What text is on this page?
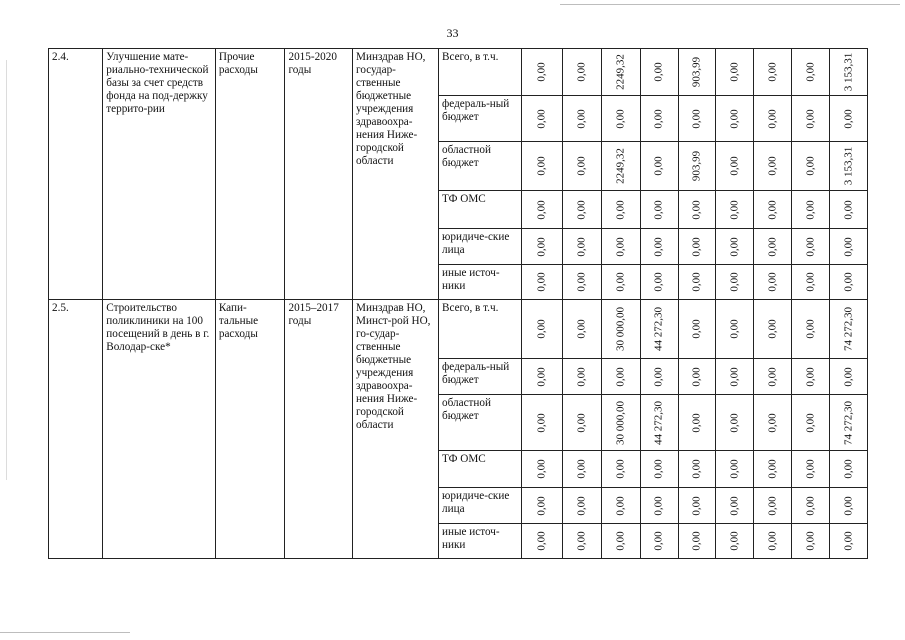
33
2.4.	Улучшение мате-риально-технической базы за счет средств фонда на под-держку террито-рии	Прочие расходы	2015-2020 годы	Минздрав НО, государ-ственные бюджетные учреждения здравоохра-нения Ниже-городской области	Всего, в т.ч.	0,00	0,00	2249,32	0,00	903,99	0,00	0,00	0,00	3 153,31

					федераль-ный бюджет	0,00	0,00	0,00	0,00	0,00	0,00	0,00	0,00	0,00

					областной бюджет	0,00	0,00	2249,32	0,00	903,99	0,00	0,00	0,00	3 153,31

					ТФ ОМС	0,00	0,00	0,00	0,00	0,00	0,00	0,00	0,00	0,00

					юридиче-ские лица	0,00	0,00	0,00	0,00	0,00	0,00	0,00	0,00	0,00

					иные источ-ники	0,00	0,00	0,00	0,00	0,00	0,00	0,00	0,00	0,00

2.5.	Строительство поликлиники на 100 посещений в день в г. Володар-ске*	Капи-тальные расходы	2015–2017 годы	Минздрав НО, Минст-рой НО, го-судар-ственные бюджетные учреждения здравоохра-нения Ниже-городской области	Всего, в т.ч.	0,00	0,00	30 000,00	44 272,30	0,00	0,00	0,00	0,00	74 272,30

					федераль-ный бюджет	0,00	0,00	0,00	0,00	0,00	0,00	0,00	0,00	0,00

					областной бюджет	0,00	0,00	30 000,00	44 272,30	0,00	0,00	0,00	0,00	74 272,30

					ТФ ОМС	0,00	0,00	0,00	0,00	0,00	0,00	0,00	0,00	0,00

					юридиче-ские лица	0,00	0,00	0,00	0,00	0,00	0,00	0,00	0,00	0,00

					иные источ-ники	0,00	0,00	0,00	0,00	0,00	0,00	0,00	0,00	0,00
